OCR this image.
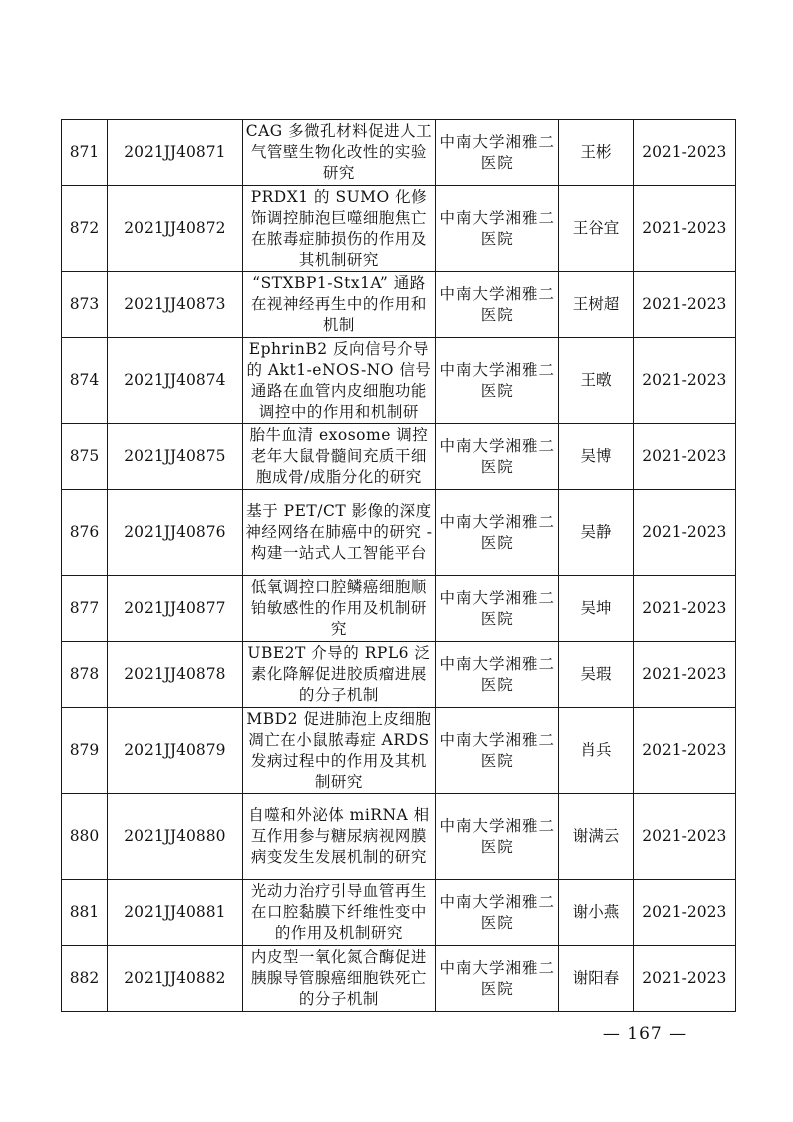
871	2021JJ40871	CAG 多微孔材料促进人工气管壁生物化改性的实验研究	中南大学湘雅二医院	王彬	2021-2023
872	2021JJ40872	PRDX1 的 SUMO 化修饰调控肺泡巨噬细胞焦亡在脓毒症肺损伤的作用及其机制研究	中南大学湘雅二医院	王谷宜	2021-2023
873	2021JJ40873	“STXBP1-Stx1A” 通路在视神经再生中的作用和机制	中南大学湘雅二医院	王树超	2021-2023
874	2021JJ40874	EphrinB2 反向信号介导的 Akt1-eNOS-NO 信号通路在血管内皮细胞功能调控中的作用和机制研	中南大学湘雅二医院	王暾	2021-2023
875	2021JJ40875	胎牛血清 exosome 调控老年大鼠骨髓间充质干细胞成骨/成脂分化的研究	中南大学湘雅二医院	吴博	2021-2023
876	2021JJ40876	基于 PET/CT 影像的深度神经网络在肺癌中的研究 - 构建一站式人工智能平台	中南大学湘雅二医院	吴静	2021-2023
877	2021JJ40877	低氧调控口腔鳞癌细胞顺铂敏感性的作用及机制研究	中南大学湘雅二医院	吴坤	2021-2023
878	2021JJ40878	UBE2T 介导的 RPL6 泛素化降解促进胶质瘤进展的分子机制	中南大学湘雅二医院	吴瑕	2021-2023
879	2021JJ40879	MBD2 促进肺泡上皮细胞凋亡在小鼠脓毒症 ARDS 发病过程中的作用及其机制研究	中南大学湘雅二医院	肖兵	2021-2023
880	2021JJ40880	自噬和外泌体 miRNA 相互作用参与糖尿病视网膜病变发生发展机制的研究	中南大学湘雅二医院	谢满云	2021-2023
881	2021JJ40881	光动力治疗引导血管再生在口腔黏膜下纤维性变中的作用及机制研究	中南大学湘雅二医院	谢小燕	2021-2023
882	2021JJ40882	内皮型一氧化氮合酶促进胰腺导管腺癌细胞铁死亡的分子机制	中南大学湘雅二医院	谢阳春	2021-2023
— 167 —
